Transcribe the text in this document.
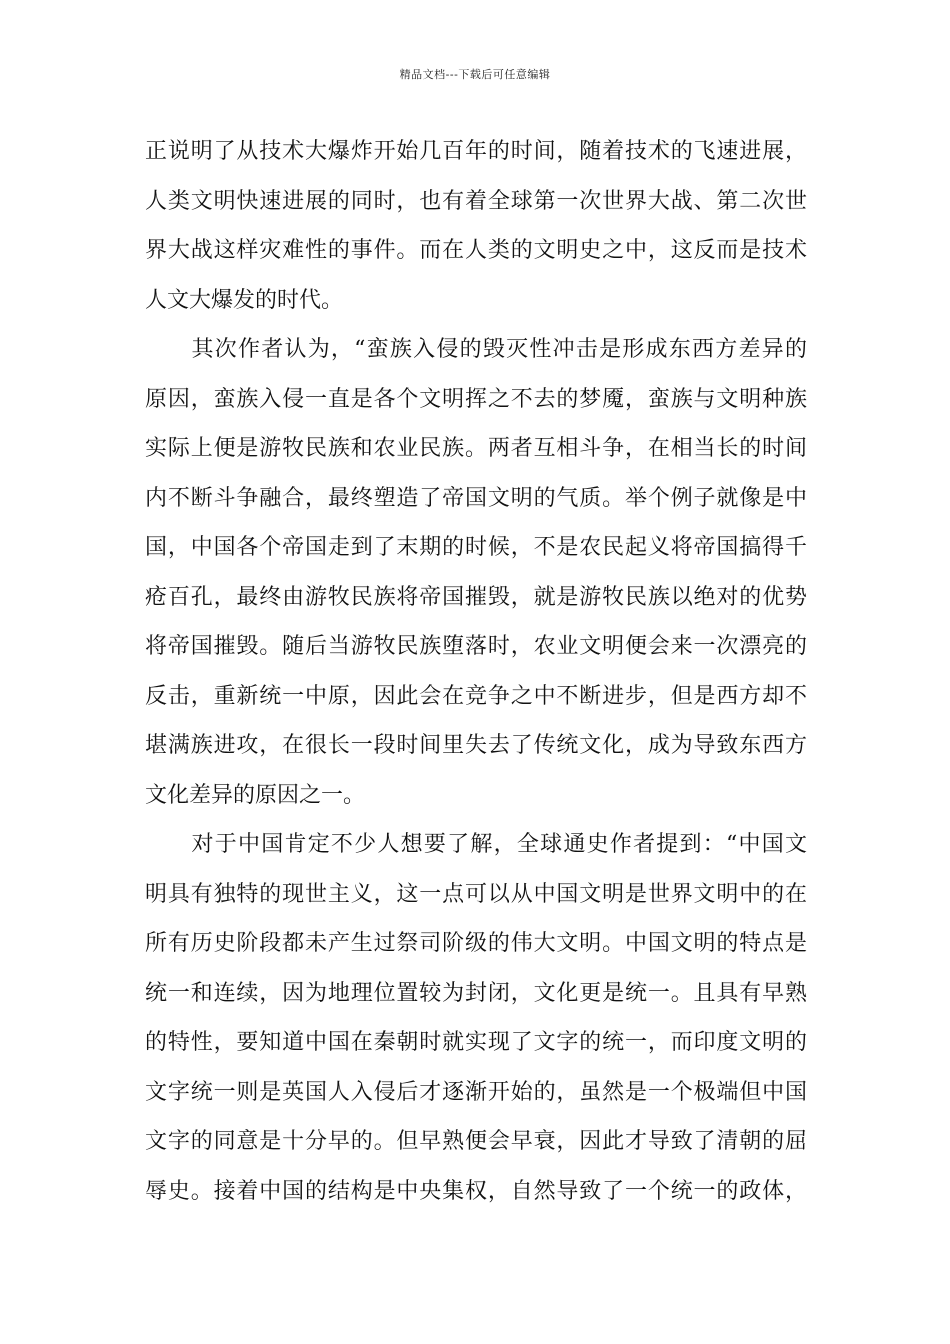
精品文档---下载后可任意编辑
正说明了从技术大爆炸开始几百年的时间，随着技术的飞速进展，
人类文明快速进展的同时，也有着全球第一次世界大战、第二次世
界大战这样灾难性的事件。而在人类的文明史之中，这反而是技术
人文大爆发的时代。
　　其次作者认为，“蛮族入侵的毁灭性冲击是形成东西方差异的
原因，蛮族入侵一直是各个文明挥之不去的梦魇，蛮族与文明种族
实际上便是游牧民族和农业民族。两者互相斗争，在相当长的时间
内不断斗争融合，最终塑造了帝国文明的气质。举个例子就像是中
国，中国各个帝国走到了末期的时候，不是农民起义将帝国搞得千
疮百孔，最终由游牧民族将帝国摧毁，就是游牧民族以绝对的优势
将帝国摧毁。随后当游牧民族堕落时，农业文明便会来一次漂亮的
反击，重新统一中原，因此会在竞争之中不断进步，但是西方却不
堪满族进攻，在很长一段时间里失去了传统文化，成为导致东西方
文化差异的原因之一。
　　对于中国肯定不少人想要了解，全球通史作者提到：“中国文
明具有独特的现世主义，这一点可以从中国文明是世界文明中的在
所有历史阶段都未产生过祭司阶级的伟大文明。中国文明的特点是
统一和连续，因为地理位置较为封闭，文化更是统一。且具有早熟
的特性，要知道中国在秦朝时就实现了文字的统一，而印度文明的
文字统一则是英国人入侵后才逐渐开始的，虽然是一个极端但中国
文字的同意是十分早的。但早熟便会早衰，因此才导致了清朝的屈
辱史。接着中国的结构是中央集权，自然导致了一个统一的政体，
